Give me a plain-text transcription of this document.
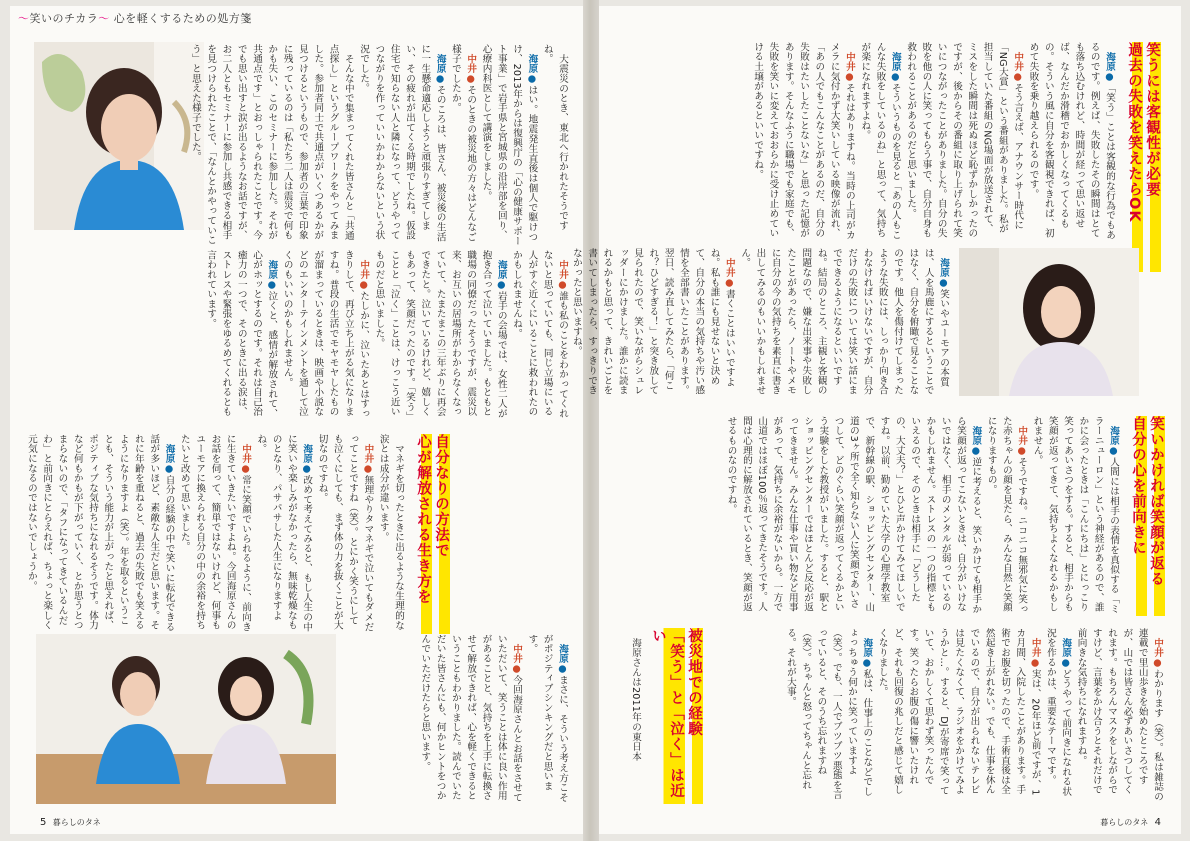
～笑いのチカラ～ 心を軽くするための処方箋

大震災のとき、東北へ行かれたそうですね。

海原●はい。地震発生直後は個人で駆けつけ、2013年からは復興庁の「心の健康サポート事業」で岩手県と宮城県の沿岸部を回り、心療内科医として講演をしました。

中井●そのときの被災地の方々はどんなご様子でしたか。

海原●そのころは、皆さん、被災後の生活に一生懸命適応しようと頑張りすぎてしまい、その疲れが出てくる時期でしたね。仮設住宅で知らない人と隣になって、どうやってつながりを作っていいかわからないという状況でした。

そんな中で集まってくれた皆さんと「共通点探し」というグループワークをやってみました。参加者同士で共通点がいくつあるかが見つけるというもので、参加者の言葉で印象に残っているのは「私たち二人は震災で何もかも失い、このセミナーに参加した。それが共通点です」とおっしゃられたことです。今でも思い出すと涙が出るようなお話ですが、お二人ともセミナーに参加し共感できる相手を見つけられたことで、「なんとかやっていこう」と思えた様子でした。

中井●誰も私のことをわかってくれないと思っていても、同じ立場にいる人がすぐ近くにいることに救われたのかもしれませんね。

海原●岩手の会場では、女性二人が抱き合って泣いていました。もともと職場の同僚だったそうですが、震災以来、お互いの居場所がわからなくなっていて、たまたまこの三年ぶりに再会できたと。泣いているけれど、嬉しくもあって、笑顔だったのです。「笑う」ことと「泣く」ことは、けっこう近いものだと思いました。

中井●たしかに、泣いたあとはすっきりして、再び立ち上がる気になりますね。普段の生活でモヤモヤしたものが溜まっているときは、映画や小説などのエンターテインメントを通して泣くのもいいのかもしれません。

海原●泣くと、感情が解放されて、心がホッとするのです。それは自己治癒力の一つで、そのときに出る涙は、ストレスや緊張をゆるめてくれるとも言われています。

自分なりの方法で
心が解放される生き方を

マネギを切ったときに出るような生理的な涙とは成分が違います。

中井●無理やりタマネギで泣いてもダメだってことですね（笑）。とにかく笑うにしても泣くにしても、まず体の力を抜くことが大切なのですね。

海原●改めて考えてみると、もし人生の中に笑いや楽しみがなかったら、無味乾燥なものとなり、パサパサした人生になりますよね。

中井●常に笑顔でいられるように、前向きに生きていきたいですよね。今回海原さんのお話を伺って、簡単ではないけれど、何事もユーモアに換えられる自分の中の余裕を持ちたいと改めて思いました。

海原●自分の経験の中で笑いに転化できる話が多いほど、素敵な人生だと思います。それに年齢を重ねると、過去の失敗でも笑えるようになりますよ（笑）。年を取るということも、そういう能力が上がったと思えれば、ポジティブな気持ちになれるそうです。体力など何もかもが下がっていく、とか思うとつまらないので、「タフになってきているんだわ」と前向きにとらえれば、ちょっと楽しく元気になるのではないでしょうか。

海原●まさに、そういう考え方こそがポジティブシンキングだと思います。

中井●今回海原さんとお話をさせていただいて、笑うことは体に良い作用があることと、気持ちを上手に転換させて解放できれば、心を軽くできるということもわかりました。読んでいただいた皆さんにも、何かヒントをつかんでいただけたらと思います。

5 暮らしのタネ
笑うには客観性が必要
過去の失敗を笑えたらOK

海原●「笑う」ことは客観的な行為でもあるのです。例えば、失敗したその瞬間はとても落ち込むけれど、時間が経って思い返せば、なんだか滑稽でおかしくなってくるもの。そういう風に自分を客観視できれば、初めて失敗を乗り越えられるのです。

中井●そう言えば、アナウンサー時代に「NG大賞」という番組がありました。私が担当していた番組のNG場面が放送されて、ミスをした瞬間は死ぬほど恥ずかしかったのですが、後からその番組に取り上げられて笑いにつながったことがありました。自分の失敗を他の人に笑ってもらう事で、自分自身も救われることがあるのだと思いました。

海原●そういうものを見ると「あの人もこんな失敗をしているのね」と思って、気持ちが楽になれますよね。

中井●それはありますね。当時の上司がカメラに気付かず大笑いしている映像が流れ、「あの人でもこんなことがあるのだ、自分の失敗はたいしたことないな」と思った記憶があります。そんなふうに職場でも家庭でも、失敗を笑いに変えておおらかに受け止めていける土壌があるといいですね。

海原●笑いやユーモアの本質は、人を馬鹿にするということではなく、自分を俯瞰で見ることなのです。他人を傷付けてしまったような失敗には、しっかり向き合わなければいけないですが、自分だけの失敗については笑い話にまでできるようになるといいですね。結局のところ、主観と客観の問題なので、嫌な出来事や失敗したことがあったら、ノートやメモに自分の今の気持ちを素直に書き出してみるのもいいかもしれません。

中井●書くことはいいですよね。私も誰にも見せないと決めて、自分の本当の気持ちや汚い感情を全部書いたことがあります。翌日、読み直してみたら、「何これ？ひどすぎる！」と突き放して見られたので、笑いながらシュレッダーにかけました。誰かに読まれるかもと思って、きれいごとを書いてしまったら、すっきりできなかったと思いますね。

笑いかければ笑顔が返る
自分の心を前向きに

海原●人間には相手の表情を真似する「ミラーニューロン」という神経があるので、誰かに会ったときは「こんにちは」とにっこり笑ってあいさつをする。すると、相手からも笑顔が返ってきて、気持ちよくなれるかもしれません。

中井●そうですね。ニコニコ無邪気に笑った赤ちゃんの顔を見たら、みんな自然と笑顔になりますもの。

海原●逆に考えると、笑いかけても相手から笑顔が返ってこないときは、自分がいけないではなく、相手のメンタルが弱っているのかもしれません。ストレスの一つの指標ともいえるので、そのときは相手に「どうしたの、大丈夫？」とひと声かけてみてほしいですね。以前、勤めていた大学の心理学教室で、新幹線の駅、ショッピングセンター、山道の3ヶ所で全く知らない人に笑顔であいさつして、どのぐらい笑顔が返ってくるかという実験をした教授がいました。すると、駅とショッピングセンターではほとんど反応が返ってきません。みんな仕事や買い物など用事があって、気持ちに余裕がないから。一方で山道ではほぼ100％返ってきたそうです。人間は心理的に解放されているとき、笑顔が返せるものなのですね。

被災地での経験
「笑う」と「泣く」は近い

中井●わかります（笑）。私は雑誌の連載で里山歩きを始めたところですが、山では皆さん必ずあいさつしてくれます。もちろんマスクをしながらですけど、言葉をかけ合うとそれだけで前向きな気持ちになれますね。

海原●どうやって前向きになれる状況を作るかは、重要なテーマです。

中井●実は、20年ほど前ですが、1カ月間、入院したことがあります。手術でお腹を切ったので、手術直後は全然起き上がれない。でも、仕事を休んでいるので、自分が出られないテレビは見たくなくて、ラジオをかけてみようかと…。すると、DJが寄席で笑っていて、おかしくて思わず笑ったんです。笑ったらお腹の傷に響いたけれど、それも回復の兆しだと感じて嬉しくなりました。

海原●私は、仕事上のことなどでしょっちゅう何かに笑っていますよ（笑）。でも、一人でブツブツ悪態を言っていると、そのうち忘れますね（笑）。ちゃんと怒ってちゃんと忘れる。それが大事。

海原さんは2011年の東日本

暮らしのタネ 4
